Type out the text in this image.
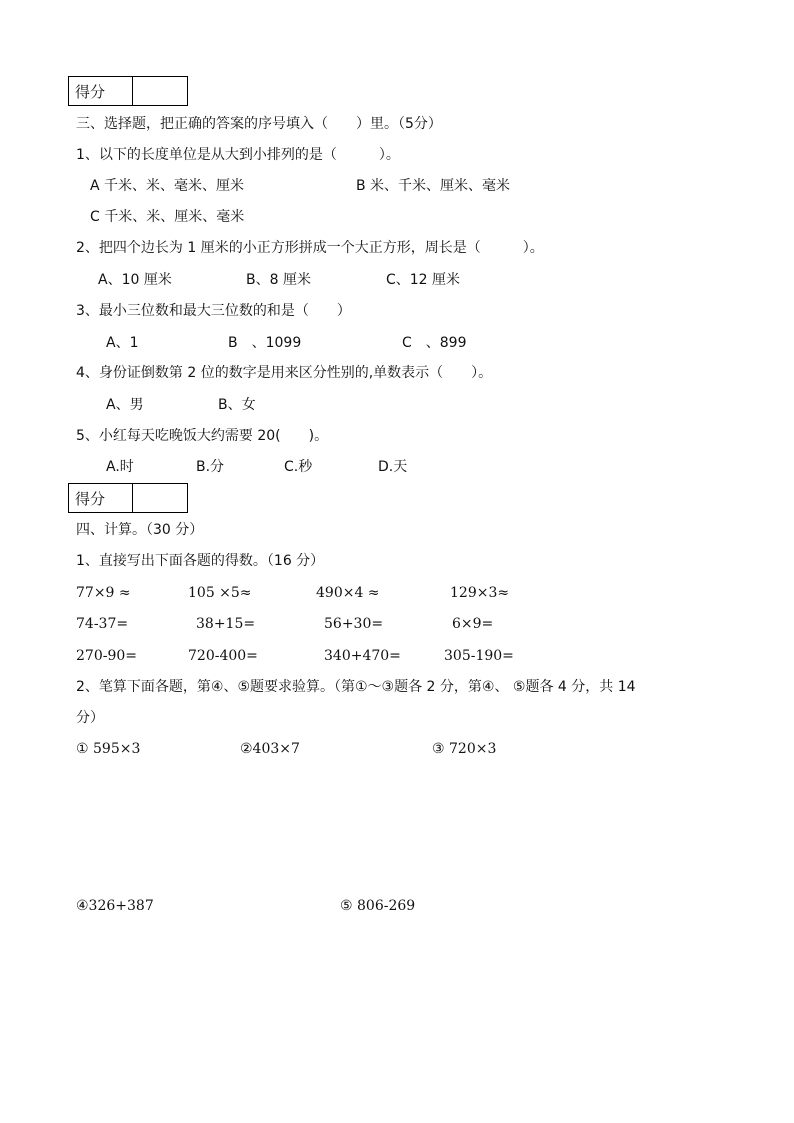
得分
三、选择题，把正确的答案的序号填入（　　）里。（5分）
1、以下的长度单位是从大到小排列的是（　　　）。
A 千米、米、毫米、厘米	B 米、千米、厘米、毫米
C 千米、米、厘米、毫米
2、把四个边长为 1 厘米的小正方形拼成一个大正方形，周长是（　　　）。
A、10 厘米	B、8 厘米	C、12 厘米
3、最小三位数和最大三位数的和是（　　）
A、1	B　、1099	C　、899
4、身份证倒数第 2 位的数字是用来区分性别的,单数表示（　　）。
A、男	B、女
5、小红每天吃晚饭大约需要 20(　　)。
A.时	B.分	C.秒	D.天
得分
四、计算。（30 分）
1、直接写出下面各题的得数。（16 分）
77×9 ≈	105 ×5≈	490×4 ≈	129×3≈
74-37=	38+15=	56+30=	6×9=
270-90=	720-400=	340+470=	305-190=
2、笔算下面各题，第④、⑤题要求验算。（第①～③题各 2 分，第④、 ⑤题各 4 分，共 14
分）
① 595×3	②403×7	③ 720×3
④326+387	⑤ 806-269
